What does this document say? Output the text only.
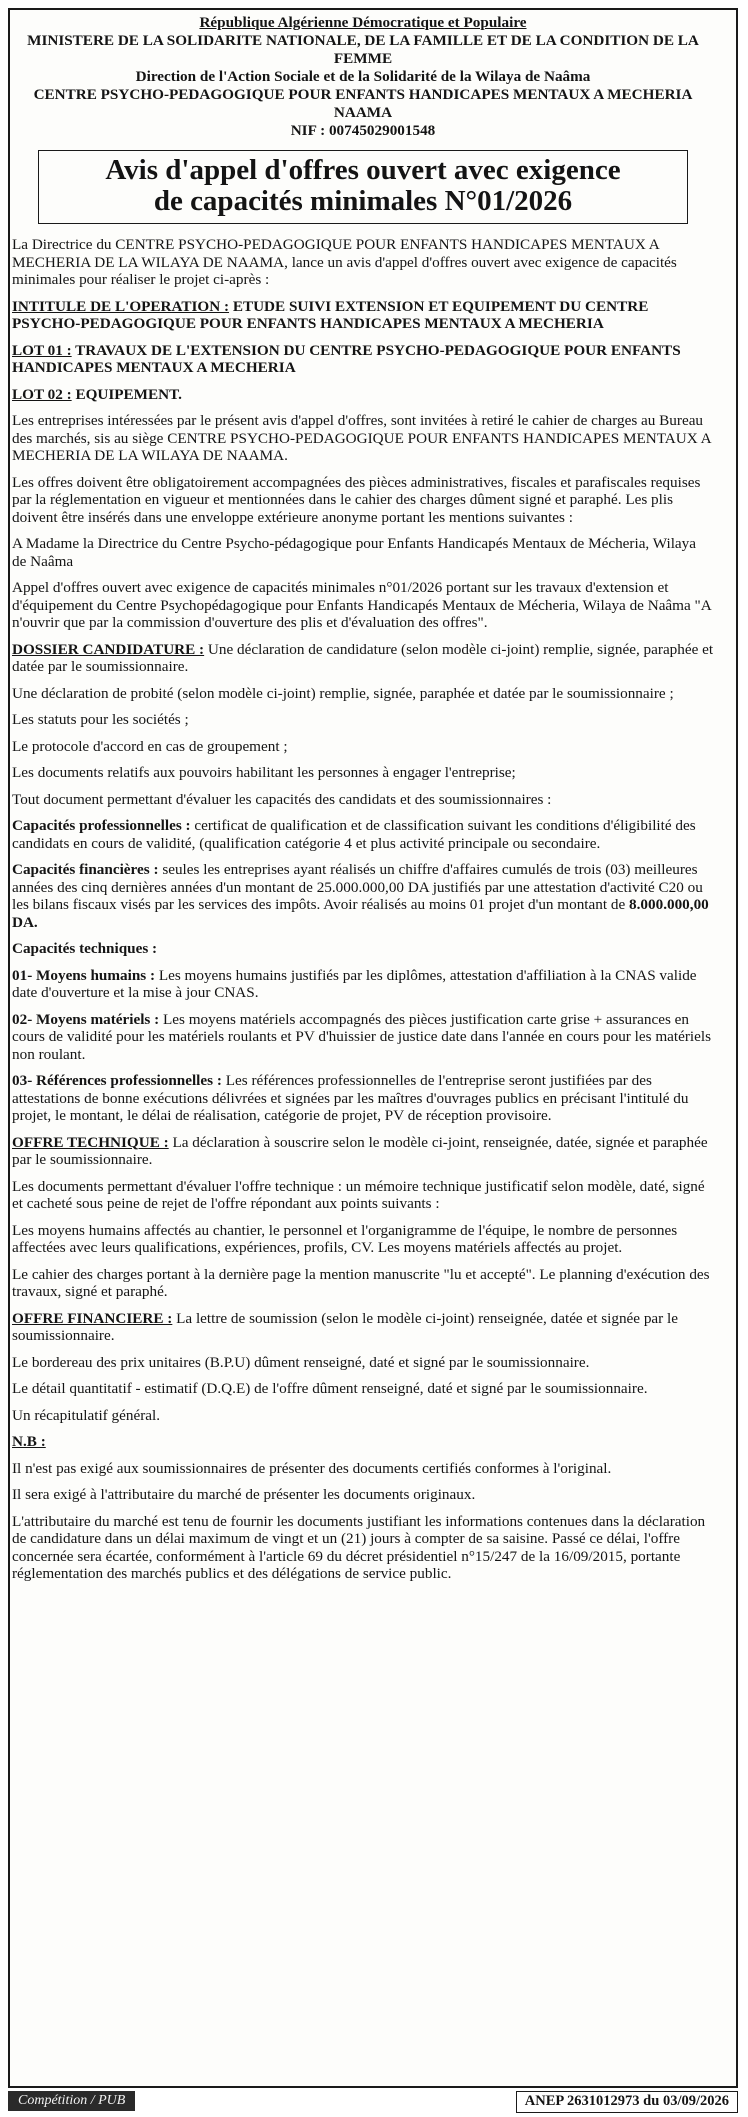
République Algérienne Démocratique et Populaire
MINISTERE DE LA SOLIDARITE NATIONALE, DE LA FAMILLE ET DE LA CONDITION DE LA FEMME
Direction de l'Action Sociale et de la Solidarité de la Wilaya de Naâma
CENTRE PSYCHO-PEDAGOGIQUE POUR ENFANTS HANDICAPES MENTAUX A MECHERIA NAAMA
NIF : 00745029001548
Avis d'appel d'offres ouvert avec exigence
de capacités minimales N°01/2026

La Directrice du CENTRE PSYCHO-PEDAGOGIQUE POUR ENFANTS HANDICAPES MENTAUX A MECHERIA DE LA WILAYA DE NAAMA, lance un avis d'appel d'offres ouvert avec exigence de capacités minimales pour réaliser le projet ci-après :

INTITULE DE L'OPERATION : ETUDE SUIVI EXTENSION ET EQUIPEMENT DU CENTRE PSYCHO-PEDAGOGIQUE POUR ENFANTS HANDICAPES MENTAUX A MECHERIA

LOT 01 : TRAVAUX DE L'EXTENSION DU CENTRE PSYCHO-PEDAGOGIQUE POUR ENFANTS HANDICAPES MENTAUX A MECHERIA

LOT 02 : EQUIPEMENT.

Les entreprises intéressées par le présent avis d'appel d'offres, sont invitées à retiré le cahier de charges au Bureau des marchés, sis au siège CENTRE PSYCHO-PEDAGOGIQUE POUR ENFANTS HANDICAPES MENTAUX A MECHERIA DE LA WILAYA DE NAAMA.

Les offres doivent être obligatoirement accompagnées des pièces administratives, fiscales et parafiscales requises par la réglementation en vigueur et mentionnées dans le cahier des charges dûment signé et paraphé. Les plis doivent être insérés dans une enveloppe extérieure anonyme portant les mentions suivantes :

A Madame la Directrice du Centre Psycho-pédagogique pour Enfants Handicapés Mentaux de Mécheria, Wilaya de Naâma

Appel d'offres ouvert avec exigence de capacités minimales n°01/2026 portant sur les travaux d'extension et d'équipement du Centre Psychopédagogique pour Enfants Handicapés Mentaux de Mécheria, Wilaya de Naâma "A n'ouvrir que par la commission d'ouverture des plis et d'évaluation des offres".

DOSSIER CANDIDATURE : Une déclaration de candidature (selon modèle ci-joint) remplie, signée, paraphée et datée par le soumissionnaire.

Une déclaration de probité (selon modèle ci-joint) remplie, signée, paraphée et datée par le soumissionnaire ;

Les statuts pour les sociétés ;

Le protocole d'accord en cas de groupement ;

Les documents relatifs aux pouvoirs habilitant les personnes à engager l'entreprise;

Tout document permettant d'évaluer les capacités des candidats et des soumissionnaires :

Capacités professionnelles : certificat de qualification et de classification suivant les conditions d'éligibilité des candidats en cours de validité, (qualification catégorie 4 et plus activité principale ou secondaire.

Capacités financières : seules les entreprises ayant réalisés un chiffre d'affaires cumulés de trois (03) meilleures années des cinq dernières années d'un montant de 25.000.000,00 DA justifiés par une attestation d'activité C20 ou les bilans fiscaux visés par les services des impôts. Avoir réalisés au moins 01 projet d'un montant de 8.000.000,00 DA.

Capacités techniques :

01- Moyens humains : Les moyens humains justifiés par les diplômes, attestation d'affiliation à la CNAS valide date d'ouverture et la mise à jour CNAS.

02- Moyens matériels : Les moyens matériels accompagnés des pièces justification carte grise + assurances en cours de validité pour les matériels roulants et PV d'huissier de justice date dans l'année en cours pour les matériels non roulant.

03- Références professionnelles : Les références professionnelles de l'entreprise seront justifiées par des attestations de bonne exécutions délivrées et signées par les maîtres d'ouvrages publics en précisant l'intitulé du projet, le montant, le délai de réalisation, catégorie de projet, PV de réception provisoire.

OFFRE TECHNIQUE : La déclaration à souscrire selon le modèle ci-joint, renseignée, datée, signée et paraphée par le soumissionnaire.

Les documents permettant d'évaluer l'offre technique : un mémoire technique justificatif selon modèle, daté, signé et cacheté sous peine de rejet de l'offre répondant aux points suivants :

Les moyens humains affectés au chantier, le personnel et l'organigramme de l'équipe, le nombre de personnes affectées avec leurs qualifications, expériences, profils, CV. Les moyens matériels affectés au projet.

Le cahier des charges portant à la dernière page la mention manuscrite "lu et accepté". Le planning d'exécution des travaux, signé et paraphé.

OFFRE FINANCIERE : La lettre de soumission (selon le modèle ci-joint) renseignée, datée et signée par le soumissionnaire.

Le bordereau des prix unitaires (B.P.U) dûment renseigné, daté et signé par le soumissionnaire.

Le détail quantitatif - estimatif (D.Q.E) de l'offre dûment renseigné, daté et signé par le soumissionnaire.

Un récapitulatif général.

N.B :

Il n'est pas exigé aux soumissionnaires de présenter des documents certifiés conformes à l'original.

Il sera exigé à l'attributaire du marché de présenter les documents originaux.

L'attributaire du marché est tenu de fournir les documents justifiant les informations contenues dans la déclaration de candidature dans un délai maximum de vingt et un (21) jours à compter de sa saisine. Passé ce délai, l'offre concernée sera écartée, conformément à l'article 69 du décret présidentiel n°15/247 de la 16/09/2015, portante réglementation des marchés publics et des délégations de service public.

Compétition / PUB	ANEP 2631012973 du 03/09/2026
